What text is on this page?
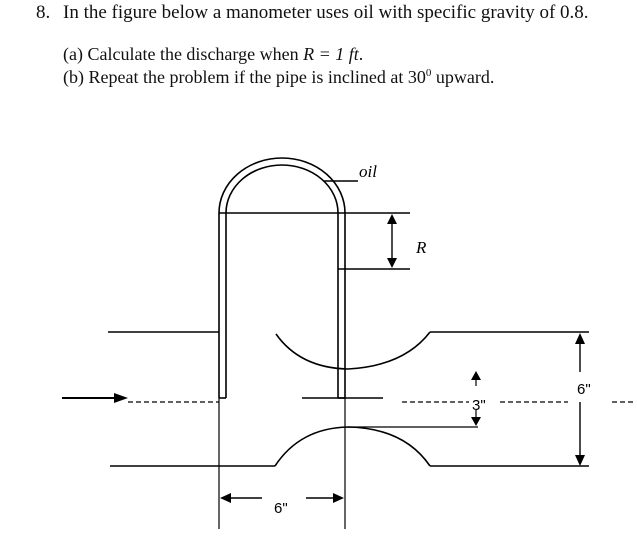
8. In the figure below a manometer uses oil with specific gravity of 0.8.
(a) Calculate the discharge when R = 1 ft.
(b) Repeat the problem if the pipe is inclined at $30^0$ upward.
oil
R
3"
6"
6"
